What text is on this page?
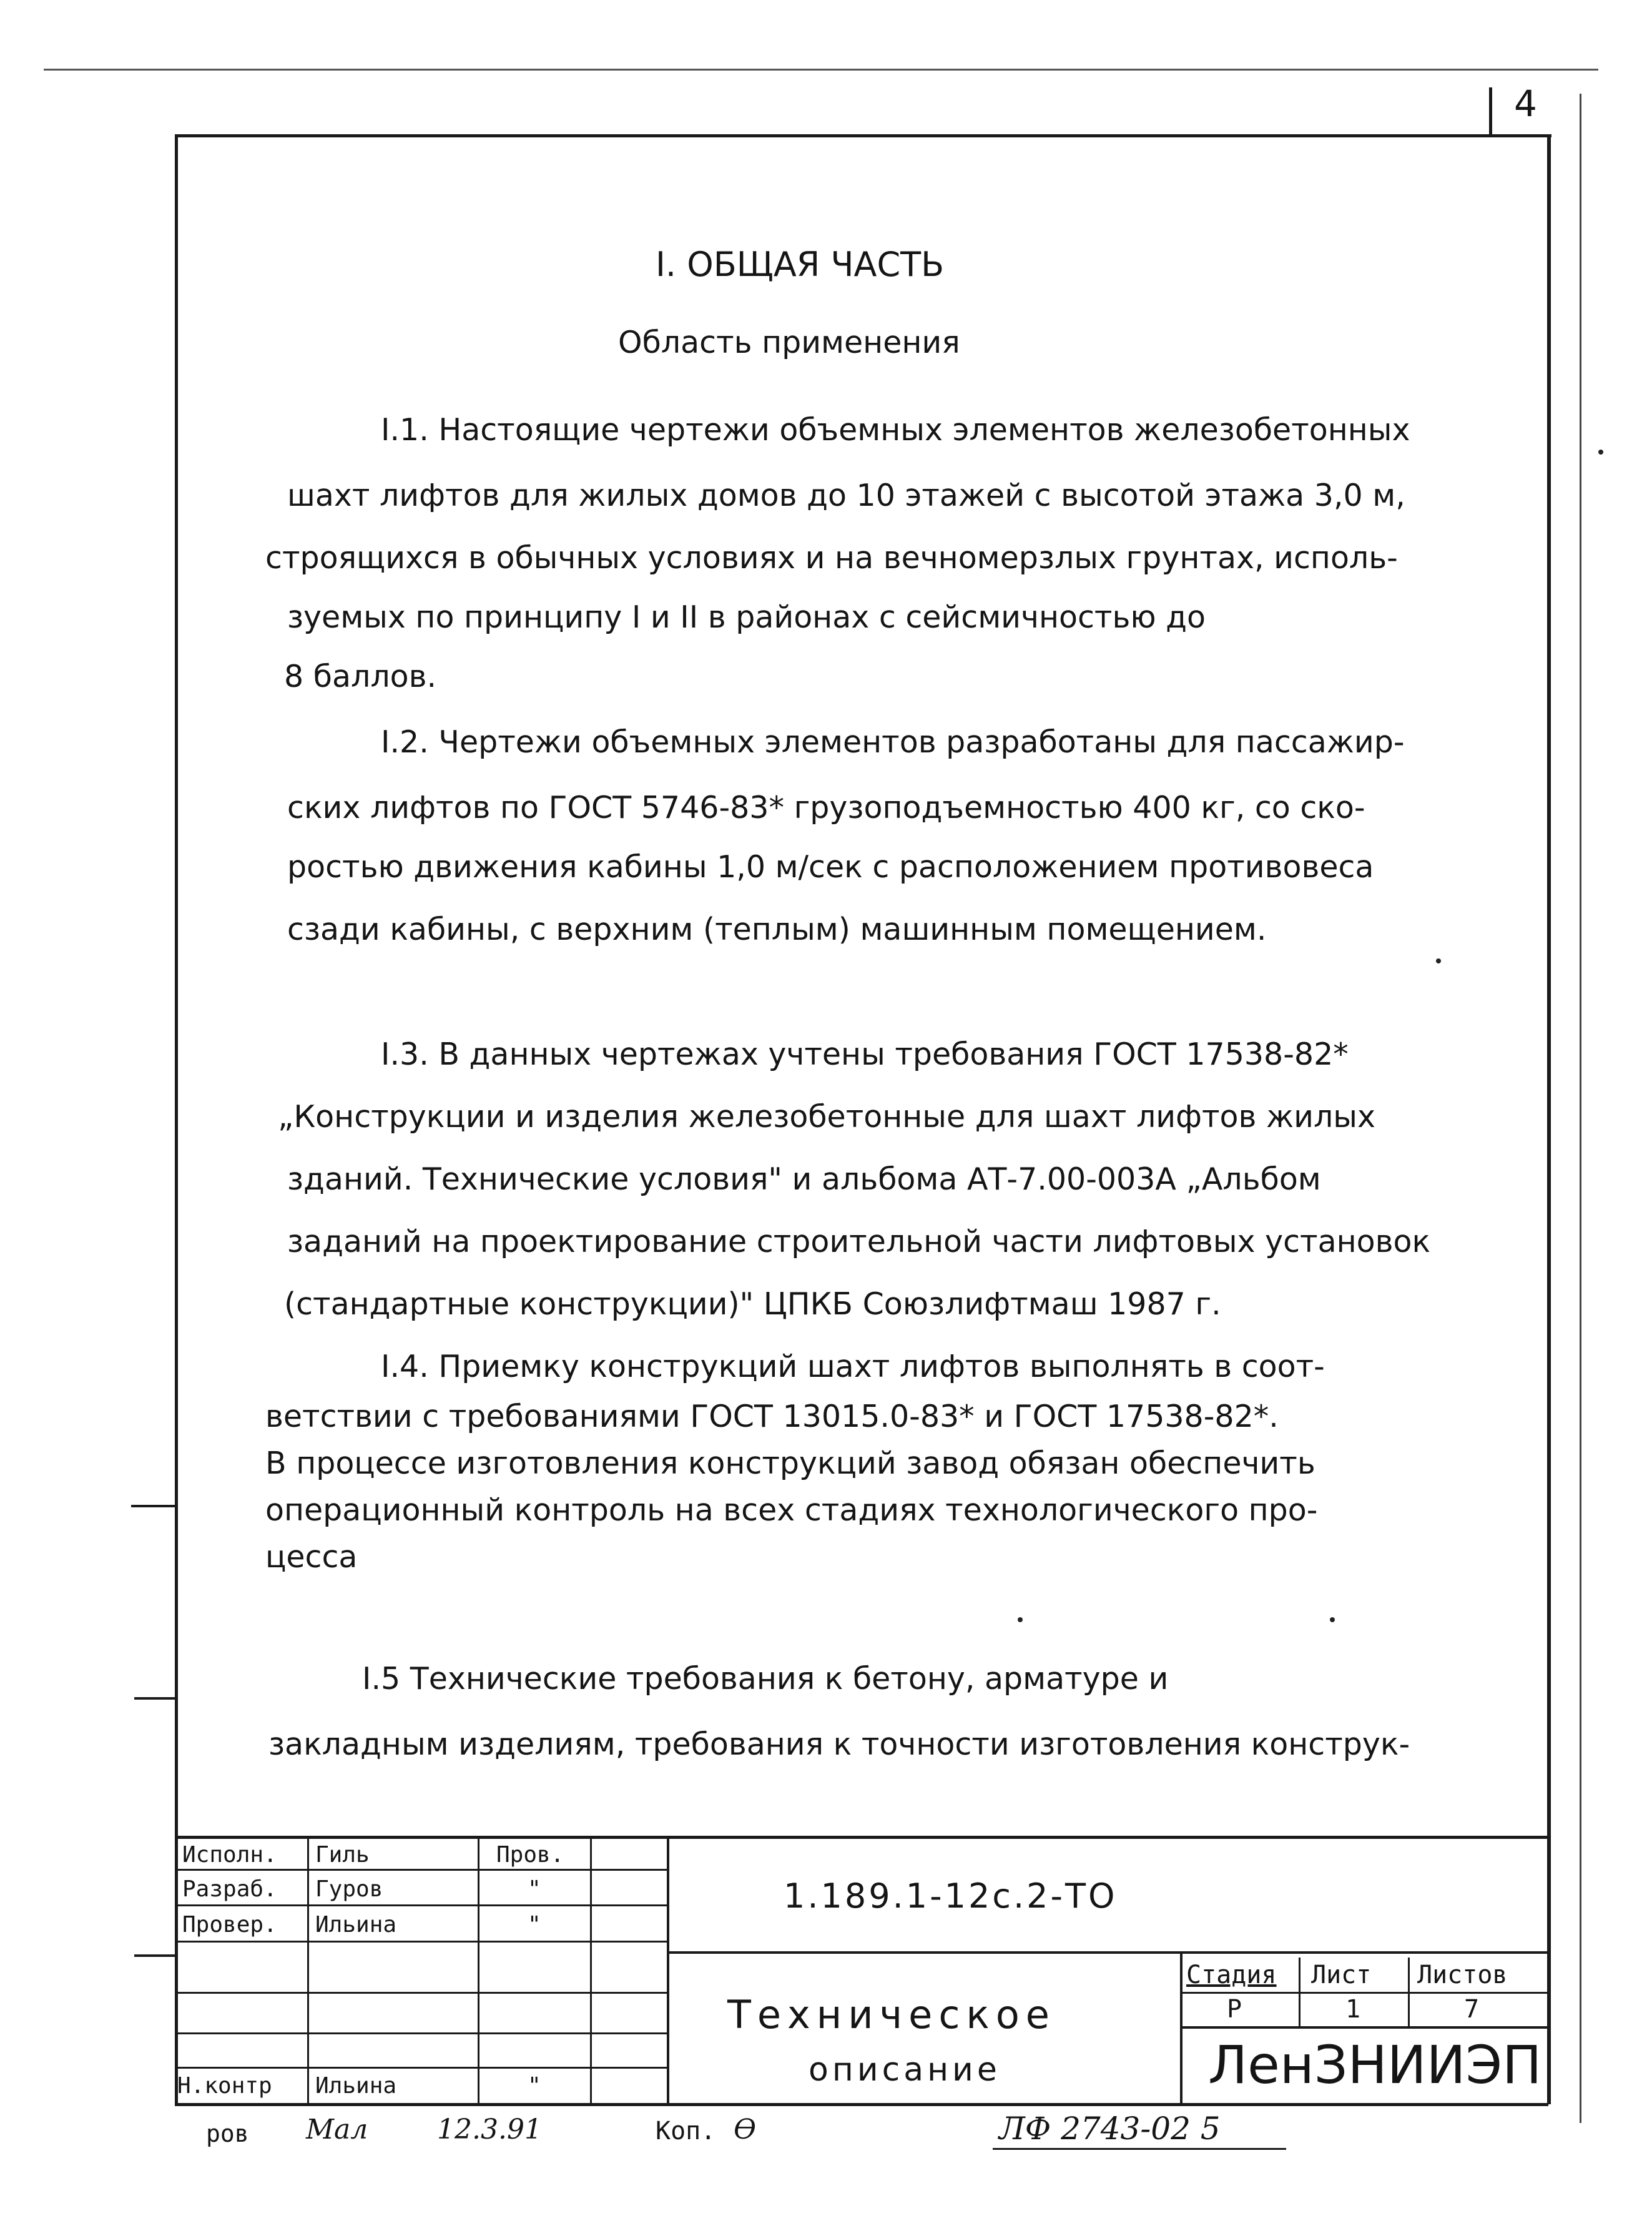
4
I. ОБЩАЯ ЧАСТЬ
Область применения
I.1. Настоящие чертежи объемных элементов железобетонных
шахт лифтов для жилых домов до 10 этажей с высотой этажа 3,0 м,
строящихся в обычных условиях и на вечномерзлых грунтах, исполь-
зуемых по принципу I и II в районах с сейсмичностью до
8 баллов.
I.2. Чертежи объемных элементов разработаны для пассажир-
ских лифтов по ГОСТ 5746-83* грузоподъемностью 400 кг, со ско-
ростью движения кабины 1,0 м/сек с расположением противовеса
сзади кабины, с верхним (теплым) машинным помещением.
I.3. В данных чертежах учтены требования ГОСТ 17538-82*
„Конструкции и изделия железобетонные для шахт лифтов жилых
зданий. Технические условия" и альбома АТ-7.00-003А „Альбом
заданий на проектирование строительной части лифтовых установок
(стандартные конструкции)" ЦПКБ Союзлифтмаш 1987 г.
I.4. Приемку конструкций шахт лифтов выполнять в соот-
ветствии с требованиями ГОСТ 13015.0-83* и ГОСТ 17538-82*.
В процессе изготовления конструкций завод обязан обеспечить
операционный контроль на всех стадиях технологического про-
цесса
I.5 Технические требования к бетону, арматуре и
закладным изделиям, требования к точности изготовления конструк-
Исполн. Гиль	Пров.
Разраб. Гуров	"
Провер. Ильина	"
Н.контр Ильина	"
1.189.1-12с.2-ТО
Техническое
описание
Стадия Лист Листов
Р	1	7
ЛенЗНИИЭП
ров Мал	12.3.91	Коп. Ѳ	ЛФ 2743-02 5
